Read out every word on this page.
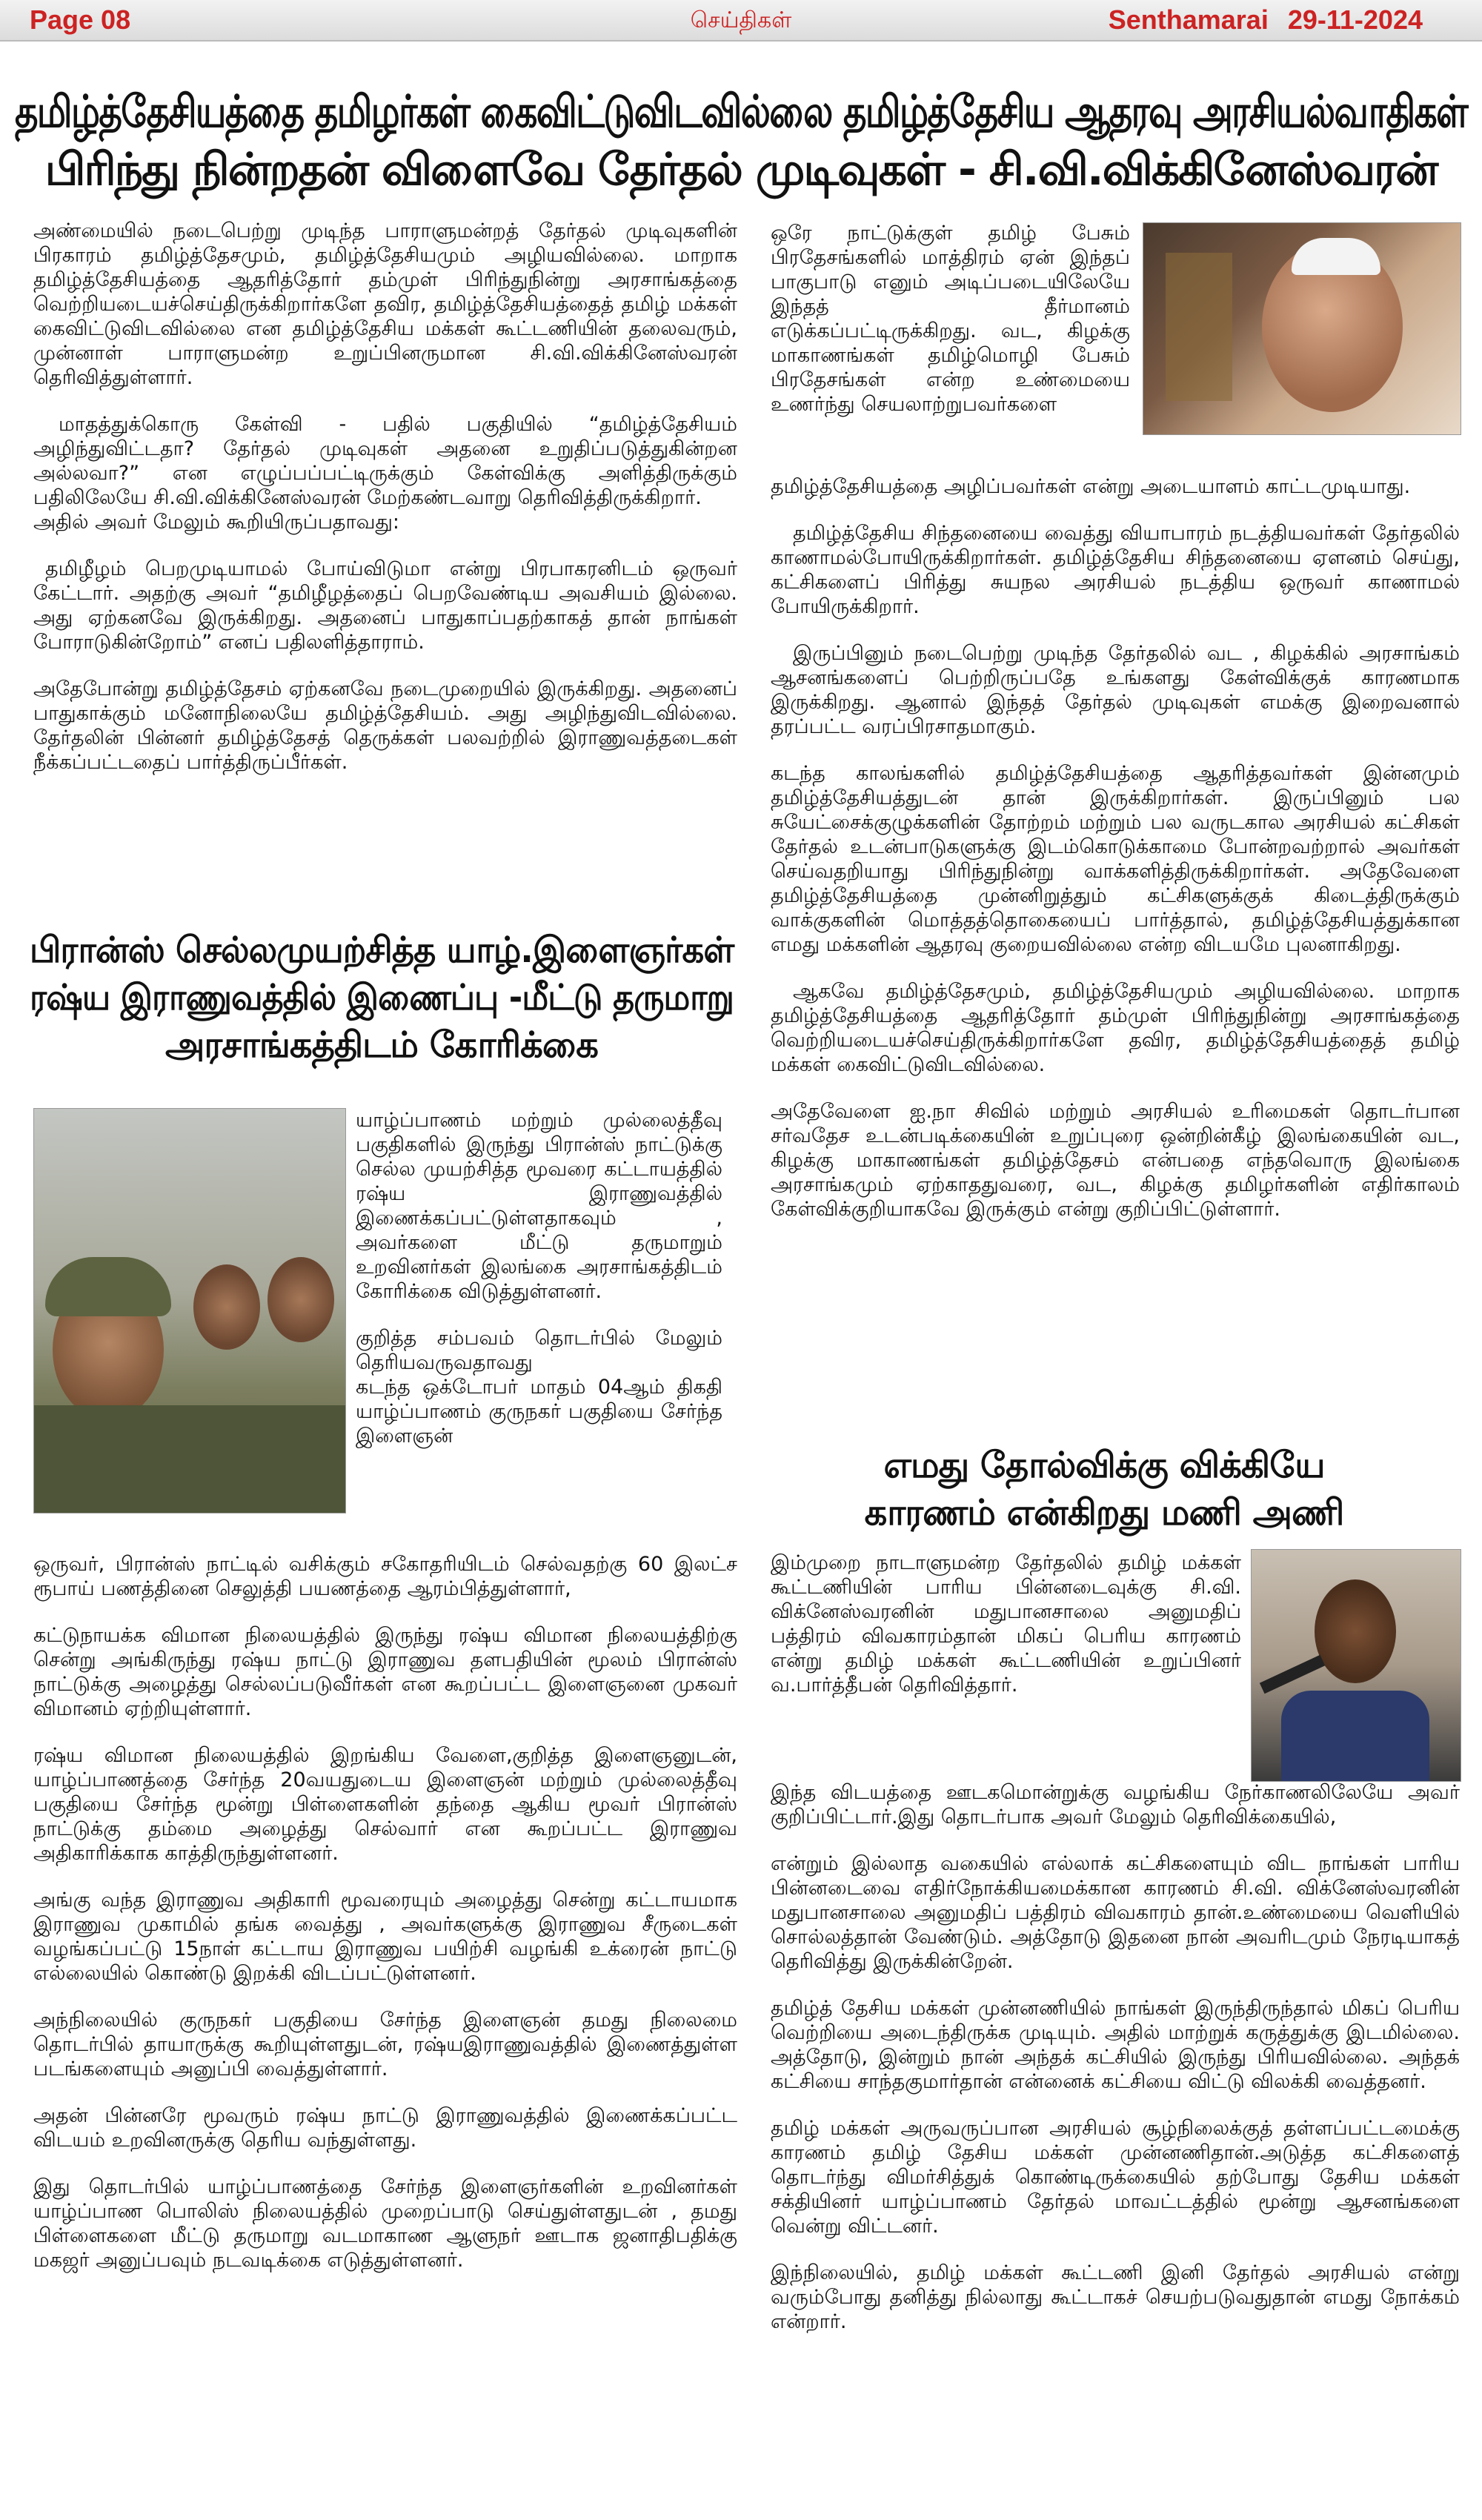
Page 08	செய்திகள்	Senthamarai 29-11-2024
தமிழ்த்தேசியத்தை தமிழர்கள் கைவிட்டுவிடவில்லை தமிழ்த்தேசிய ஆதரவு அரசியல்வாதிகள்
பிரிந்து நின்றதன் விளைவே தேர்தல் முடிவுகள் - சி.வி.விக்கினேஸ்வரன்

அண்மையில் நடைபெற்று முடிந்த பாராளுமன்றத் தேர்தல் முடிவுகளின் பிரகாரம் தமிழ்த்தேசமும், தமிழ்த்தேசியமும் அழியவில்லை. மாறாக தமிழ்த்தேசியத்தை ஆதரித்தோர் தம்முள் பிரிந்துநின்று அரசாங்கத்தை வெற்றியடையச்செய்திருக்கிறார்களே தவிர, தமிழ்த்தேசியத்தைத் தமிழ் மக்கள் கைவிட்டுவிடவில்லை என தமிழ்த்தேசிய மக்கள் கூட்டணியின் தலைவரும், முன்னாள் பாராளுமன்ற உறுப்பினருமான சி.வி.விக்கினேஸ்வரன் தெரிவித்துள்ளார்.

மாதத்துக்கொரு கேள்வி - பதில் பகுதியில் “தமிழ்த்தேசியம் அழிந்துவிட்டதா? தேர்தல் முடிவுகள் அதனை உறுதிப்படுத்துகின்றன அல்லவா?” என எழுப்பப்பட்டிருக்கும் கேள்விக்கு அளித்திருக்கும் பதிலிலேயே சி.வி.விக்கினேஸ்வரன் மேற்கண்டவாறு தெரிவித்திருக்கிறார்.
அதில் அவர் மேலும் கூறியிருப்பதாவது:

தமிழீழம் பெறமுடியாமல் போய்விடுமா என்று பிரபாகரனிடம் ஒருவர் கேட்டார். அதற்கு அவர் “தமிழீழத்தைப் பெறவேண்டிய அவசியம் இல்லை. அது ஏற்கனவே இருக்கிறது. அதனைப் பாதுகாப்பதற்காகத் தான் நாங்கள் போராடுகின்றோம்” எனப் பதிலளித்தாராம்.

அதேபோன்று தமிழ்த்தேசம் ஏற்கனவே நடைமுறையில் இருக்கிறது. அதனைப் பாதுகாக்கும் மனோநிலையே தமிழ்த்தேசியம். அது அழிந்துவிடவில்லை. தேர்தலின் பின்னர் தமிழ்த்தேசத் தெருக்கள் பலவற்றில் இராணுவத்தடைகள் நீக்கப்பட்டதைப் பார்த்திருப்பீர்கள்.

ஒரே நாட்டுக்குள் தமிழ் பேசும் பிரதேசங்களில் மாத்திரம் ஏன் இந்தப் பாகுபாடு எனும் அடிப்படையிலேயே இந்தத் தீர்மானம் எடுக்கப்பட்டிருக்கிறது. வட, கிழக்கு மாகாணங்கள் தமிழ்மொழி பேசும் பிரதேசங்கள் என்ற உண்மையை உணர்ந்து செயலாற்றுபவர்களை

தமிழ்த்தேசியத்தை அழிப்பவர்கள் என்று அடையாளம் காட்டமுடியாது.

தமிழ்த்தேசிய சிந்தனையை வைத்து வியாபாரம் நடத்தியவர்கள் தேர்தலில் காணாமல்போயிருக்கிறார்கள். தமிழ்த்தேசிய சிந்தனையை ஏளனம் செய்து, கட்சிகளைப் பிரித்து சுயநல அரசியல் நடத்திய ஒருவர் காணாமல் போயிருக்கிறார்.

இருப்பினும் நடைபெற்று முடிந்த தேர்தலில் வட , கிழக்கில் அரசாங்கம் ஆசனங்களைப் பெற்றிருப்பதே உங்களது கேள்விக்குக் காரணமாக இருக்கிறது. ஆனால் இந்தத் தேர்தல் முடிவுகள் எமக்கு இறைவனால் தரப்பட்ட வரப்பிரசாதமாகும்.

கடந்த காலங்களில் தமிழ்த்தேசியத்தை ஆதரித்தவர்கள் இன்னமும் தமிழ்த்தேசியத்துடன் தான் இருக்கிறார்கள். இருப்பினும் பல சுயேட்சைக்குழுக்களின் தோற்றம் மற்றும் பல வருடகால அரசியல் கட்சிகள் தேர்தல் உடன்பாடுகளுக்கு இடம்கொடுக்காமை போன்றவற்றால் அவர்கள் செய்வதறியாது பிரிந்துநின்று வாக்களித்திருக்கிறார்கள். அதேவேளை தமிழ்த்தேசியத்தை முன்னிறுத்தும் கட்சிகளுக்குக் கிடைத்திருக்கும் வாக்குகளின் மொத்தத்தொகையைப் பார்த்தால், தமிழ்த்தேசியத்துக்கான எமது மக்களின் ஆதரவு குறையவில்லை என்ற விடயமே புலனாகிறது.

ஆகவே தமிழ்த்தேசமும், தமிழ்த்தேசியமும் அழியவில்லை. மாறாக தமிழ்த்தேசியத்தை ஆதரித்தோர் தம்முள் பிரிந்துநின்று அரசாங்கத்தை வெற்றியடையச்செய்திருக்கிறார்களே தவிர, தமிழ்த்தேசியத்தைத் தமிழ் மக்கள் கைவிட்டுவிடவில்லை.

அதேவேளை ஐ.நா சிவில் மற்றும் அரசியல் உரிமைகள் தொடர்பான சர்வதேச உடன்படிக்கையின் உறுப்புரை ஒன்றின்கீழ் இலங்கையின் வட, கிழக்கு மாகாணங்கள் தமிழ்த்தேசம் என்பதை எந்தவொரு இலங்கை அரசாங்கமும் ஏற்காததுவரை, வட, கிழக்கு தமிழர்களின் எதிர்காலம் கேள்விக்குறியாகவே இருக்கும் என்று குறிப்பிட்டுள்ளார்.

பிரான்ஸ் செல்லமுயற்சித்த யாழ்.இளைஞர்கள்
ரஷ்ய இராணுவத்தில் இணைப்பு -மீட்டு தருமாறு
அரசாங்கத்திடம் கோரிக்கை

யாழ்ப்பாணம் மற்றும் முல்லைத்தீவு பகுதிகளில் இருந்து பிரான்ஸ் நாட்டுக்கு செல்ல முயற்சித்த மூவரை கட்டாயத்தில் ரஷ்ய இராணுவத்தில் இணைக்கப்பட்டுள்ளதாகவும் , அவர்களை மீட்டு தருமாறும் உறவினர்கள் இலங்கை அரசாங்கத்திடம் கோரிக்கை விடுத்துள்ளனர்.

குறித்த சம்பவம் தொடர்பில் மேலும் தெரியவருவதாவது
கடந்த ஒக்டோபர் மாதம் 04ஆம் திகதி யாழ்ப்பாணம் குருநகர் பகுதியை சேர்ந்த இளைஞன்

ஒருவர், பிரான்ஸ் நாட்டில் வசிக்கும் சகோதரியிடம் செல்வதற்கு 60 இலட்ச ரூபாய் பணத்தினை செலுத்தி பயணத்தை ஆரம்பித்துள்ளார்,

கட்டுநாயக்க விமான நிலையத்தில் இருந்து ரஷ்ய விமான நிலையத்திற்கு சென்று அங்கிருந்து ரஷ்ய நாட்டு இராணுவ தளபதியின் மூலம் பிரான்ஸ் நாட்டுக்கு அழைத்து செல்லப்படுவீர்கள் என கூறப்பட்ட இளைஞனை முகவர் விமானம் ஏற்றியுள்ளார்.

ரஷ்ய விமான நிலையத்தில் இறங்கிய வேளை,குறித்த இளைஞனுடன், யாழ்ப்பாணத்தை சேர்ந்த 20வயதுடைய இளைஞன் மற்றும் முல்லைத்தீவு பகுதியை சேர்ந்த மூன்று பிள்ளைகளின் தந்தை ஆகிய மூவர் பிரான்ஸ் நாட்டுக்கு தம்மை அழைத்து செல்வார் என கூறப்பட்ட இராணுவ அதிகாரிக்காக காத்திருந்துள்ளனர்.

அங்கு வந்த இராணுவ அதிகாரி மூவரையும் அழைத்து சென்று கட்டாயமாக இராணுவ முகாமில் தங்க வைத்து , அவர்களுக்கு இராணுவ சீருடைகள் வழங்கப்பட்டு 15நாள் கட்டாய இராணுவ பயிற்சி வழங்கி உக்ரைன் நாட்டு எல்லையில் கொண்டு இறக்கி விடப்பட்டுள்ளனர்.

அந்நிலையில் குருநகர் பகுதியை சேர்ந்த இளைஞன் தமது நிலைமை தொடர்பில் தாயாருக்கு கூறியுள்ளதுடன், ரஷ்யஇராணுவத்தில் இணைத்துள்ள படங்களையும் அனுப்பி வைத்துள்ளார்.

அதன் பின்னரே மூவரும் ரஷ்ய நாட்டு இராணுவத்தில் இணைக்கப்பட்ட விடயம் உறவினருக்கு தெரிய வந்துள்ளது.

இது தொடர்பில் யாழ்ப்பாணத்தை சேர்ந்த இளைஞர்களின் உறவினர்கள் யாழ்ப்பாண பொலிஸ் நிலையத்தில் முறைப்பாடு செய்துள்ளதுடன் , தமது பிள்ளைகளை மீட்டு தருமாறு வடமாகாண ஆளுநர் ஊடாக ஜனாதிபதிக்கு மகஜர் அனுப்பவும் நடவடிக்கை எடுத்துள்ளனர்.

எமது தோல்விக்கு விக்கியே
காரணம் என்கிறது மணி அணி

இம்முறை நாடாளுமன்ற தேர்தலில் தமிழ் மக்கள் கூட்டணியின் பாரிய பின்னடைவுக்கு சி.வி. விக்னேஸ்வரனின் மதுபானசாலை அனுமதிப் பத்திரம் விவகாரம்தான் மிகப் பெரிய காரணம் என்று தமிழ் மக்கள் கூட்டணியின் உறுப்பினர் வ.பார்த்தீபன் தெரிவித்தார்.

இந்த விடயத்தை ஊடகமொன்றுக்கு வழங்கிய நேர்காணலிலேயே அவர் குறிப்பிட்டார்.இது தொடர்பாக அவர் மேலும் தெரிவிக்கையில்,

என்றும் இல்லாத வகையில் எல்லாக் கட்சிகளையும் விட நாங்கள் பாரிய பின்னடைவை எதிர்நோக்கியமைக்கான காரணம் சி.வி. விக்னேஸ்வரனின் மதுபானசாலை அனுமதிப் பத்திரம் விவகாரம் தான்.உண்மையை வெளியில் சொல்லத்தான் வேண்டும். அத்தோடு இதனை நான் அவரிடமும் நேரடியாகத் தெரிவித்து இருக்கின்றேன்.

தமிழ்த் தேசிய மக்கள் முன்னணியில் நாங்கள் இருந்திருந்தால் மிகப் பெரிய வெற்றியை அடைந்திருக்க முடியும். அதில் மாற்றுக் கருத்துக்கு இடமில்லை. அத்தோடு, இன்றும் நான் அந்தக் கட்சியில் இருந்து பிரியவில்லை. அந்தக் கட்சியை சாந்தகுமார்தான் என்னைக் கட்சியை விட்டு விலக்கி வைத்தனர்.

தமிழ் மக்கள் அருவருப்பான அரசியல் சூழ்நிலைக்குத் தள்ளப்பட்டமைக்கு காரணம் தமிழ் தேசிய மக்கள் முன்னணிதான்.அடுத்த கட்சிகளைத் தொடர்ந்து விமர்சித்துக் கொண்டிருக்கையில் தற்போது தேசிய மக்கள் சக்தியினர் யாழ்ப்பாணம் தேர்தல் மாவட்டத்தில் மூன்று ஆசனங்களை வென்று விட்டனர்.

இந்நிலையில், தமிழ் மக்கள் கூட்டணி இனி தேர்தல் அரசியல் என்று வரும்போது தனித்து நில்லாது கூட்டாகச் செயற்படுவதுதான் எமது நோக்கம் என்றார்.
